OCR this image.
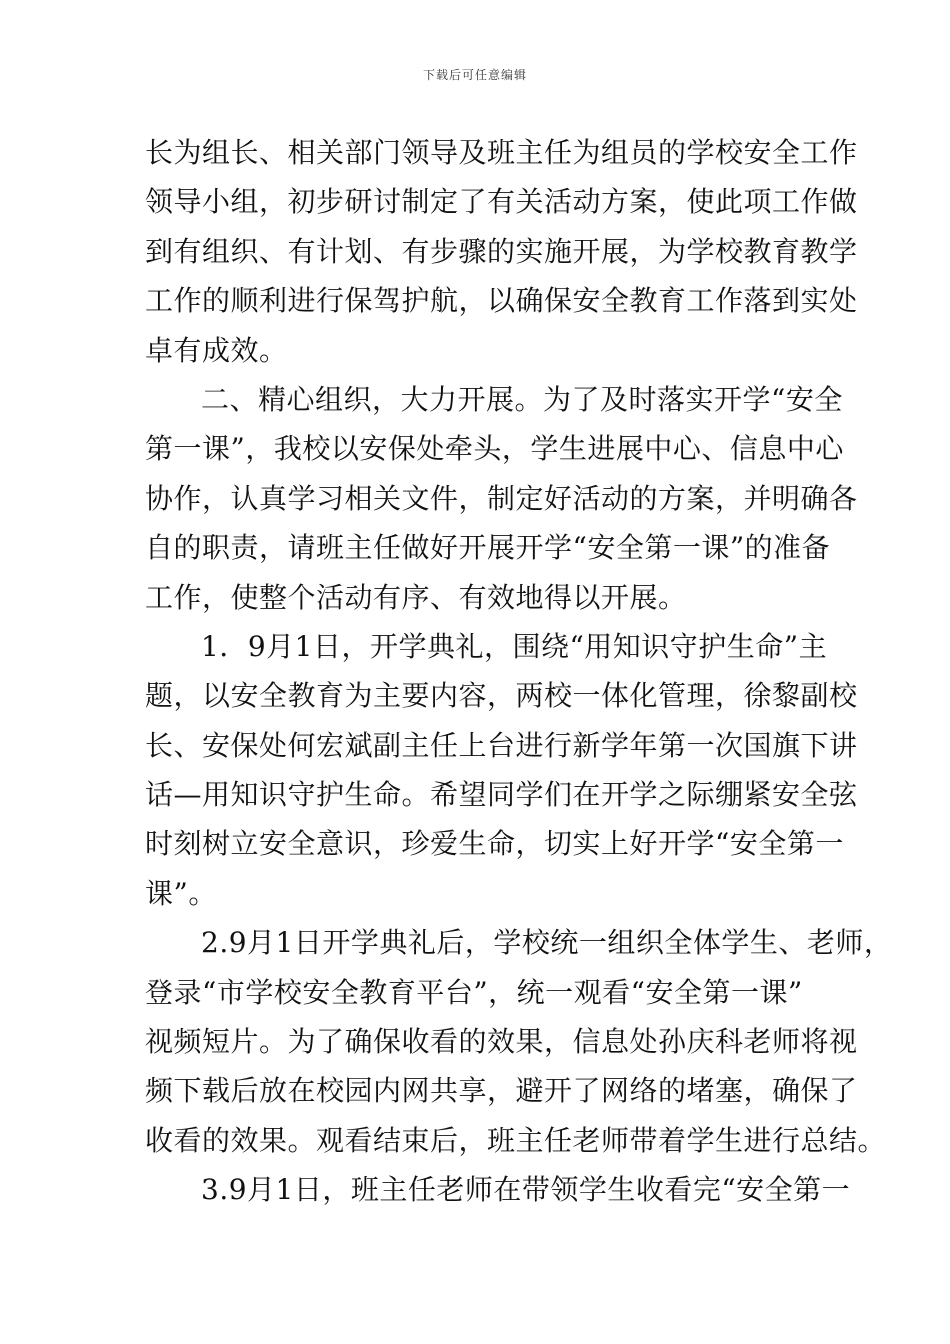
下载后可任意编辑

长为组长、相关部门领导及班主任为组员的学校安全工作
领导小组，初步研讨制定了有关活动方案，使此项工作做
到有组织、有计划、有步骤的实施开展，为学校教育教学
工作的顺利进行保驾护航，以确保安全教育工作落到实处
卓有成效。

二、精心组织，大力开展。为了及时落实开学“安全
第一课”，我校以安保处牵头，学生进展中心、信息中心
协作，认真学习相关文件，制定好活动的方案，并明确各
自的职责，请班主任做好开展开学“安全第一课”的准备
工作，使整个活动有序、有效地得以开展。

1．9月1日，开学典礼，围绕“用知识守护生命”主
题，以安全教育为主要内容，两校一体化管理，徐黎副校
长、安保处何宏斌副主任上台进行新学年第一次国旗下讲
话—用知识守护生命。希望同学们在开学之际绷紧安全弦
时刻树立安全意识，珍爱生命，切实上好开学“安全第一
课”。

2.9月1日开学典礼后，学校统一组织全体学生、老师，
登录“市学校安全教育平台”，统一观看“安全第一课”
视频短片。为了确保收看的效果，信息处孙庆科老师将视
频下载后放在校园内网共享，避开了网络的堵塞，确保了
收看的效果。观看结束后，班主任老师带着学生进行总结。

3.9月1日，班主任老师在带领学生收看完“安全第一
